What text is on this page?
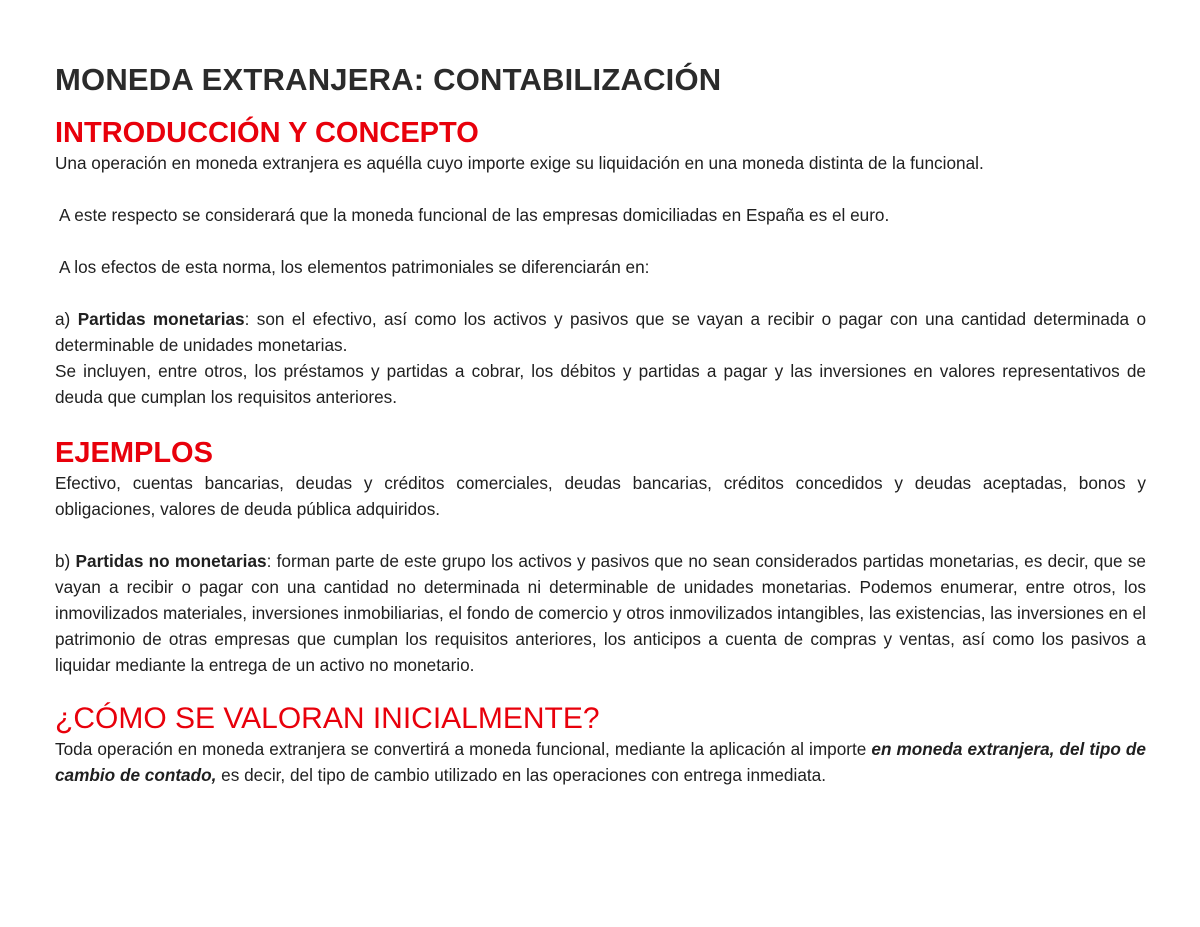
MONEDA EXTRANJERA: CONTABILIZACIÓN
INTRODUCCIÓN Y CONCEPTO

Una operación en moneda extranjera es aquélla cuyo importe exige su liquidación en una moneda distinta de la funcional.

A este respecto se considerará que la moneda funcional de las empresas domiciliadas en España es el euro.

A los efectos de esta norma, los elementos patrimoniales se diferenciarán en:

a) Partidas monetarias: son el efectivo, así como los activos y pasivos que se vayan a recibir o pagar con una cantidad determinada o determinable de unidades monetarias.

Se incluyen, entre otros, los préstamos y partidas a cobrar, los débitos y partidas a pagar y las inversiones en valores representativos de deuda que cumplan los requisitos anteriores.

EJEMPLOS

Efectivo, cuentas bancarias, deudas y créditos comerciales, deudas bancarias, créditos concedidos y deudas aceptadas, bonos y obligaciones, valores de deuda pública adquiridos.

b) Partidas no monetarias: forman parte de este grupo los activos y pasivos que no sean considerados partidas monetarias, es decir, que se vayan a recibir o pagar con una cantidad no determinada ni determinable de unidades monetarias. Podemos enumerar, entre otros, los inmovilizados materiales, inversiones inmobiliarias, el fondo de comercio y otros inmovilizados intangibles, las existencias, las inversiones en el patrimonio de otras empresas que cumplan los requisitos anteriores, los anticipos a cuenta de compras y ventas, así como los pasivos a liquidar mediante la entrega de un activo no monetario.

¿CÓMO SE VALORAN INICIALMENTE?

Toda operación en moneda extranjera se convertirá a moneda funcional, mediante la aplicación al importe en moneda extranjera, del tipo de cambio de contado, es decir, del tipo de cambio utilizado en las operaciones con entrega inmediata.
